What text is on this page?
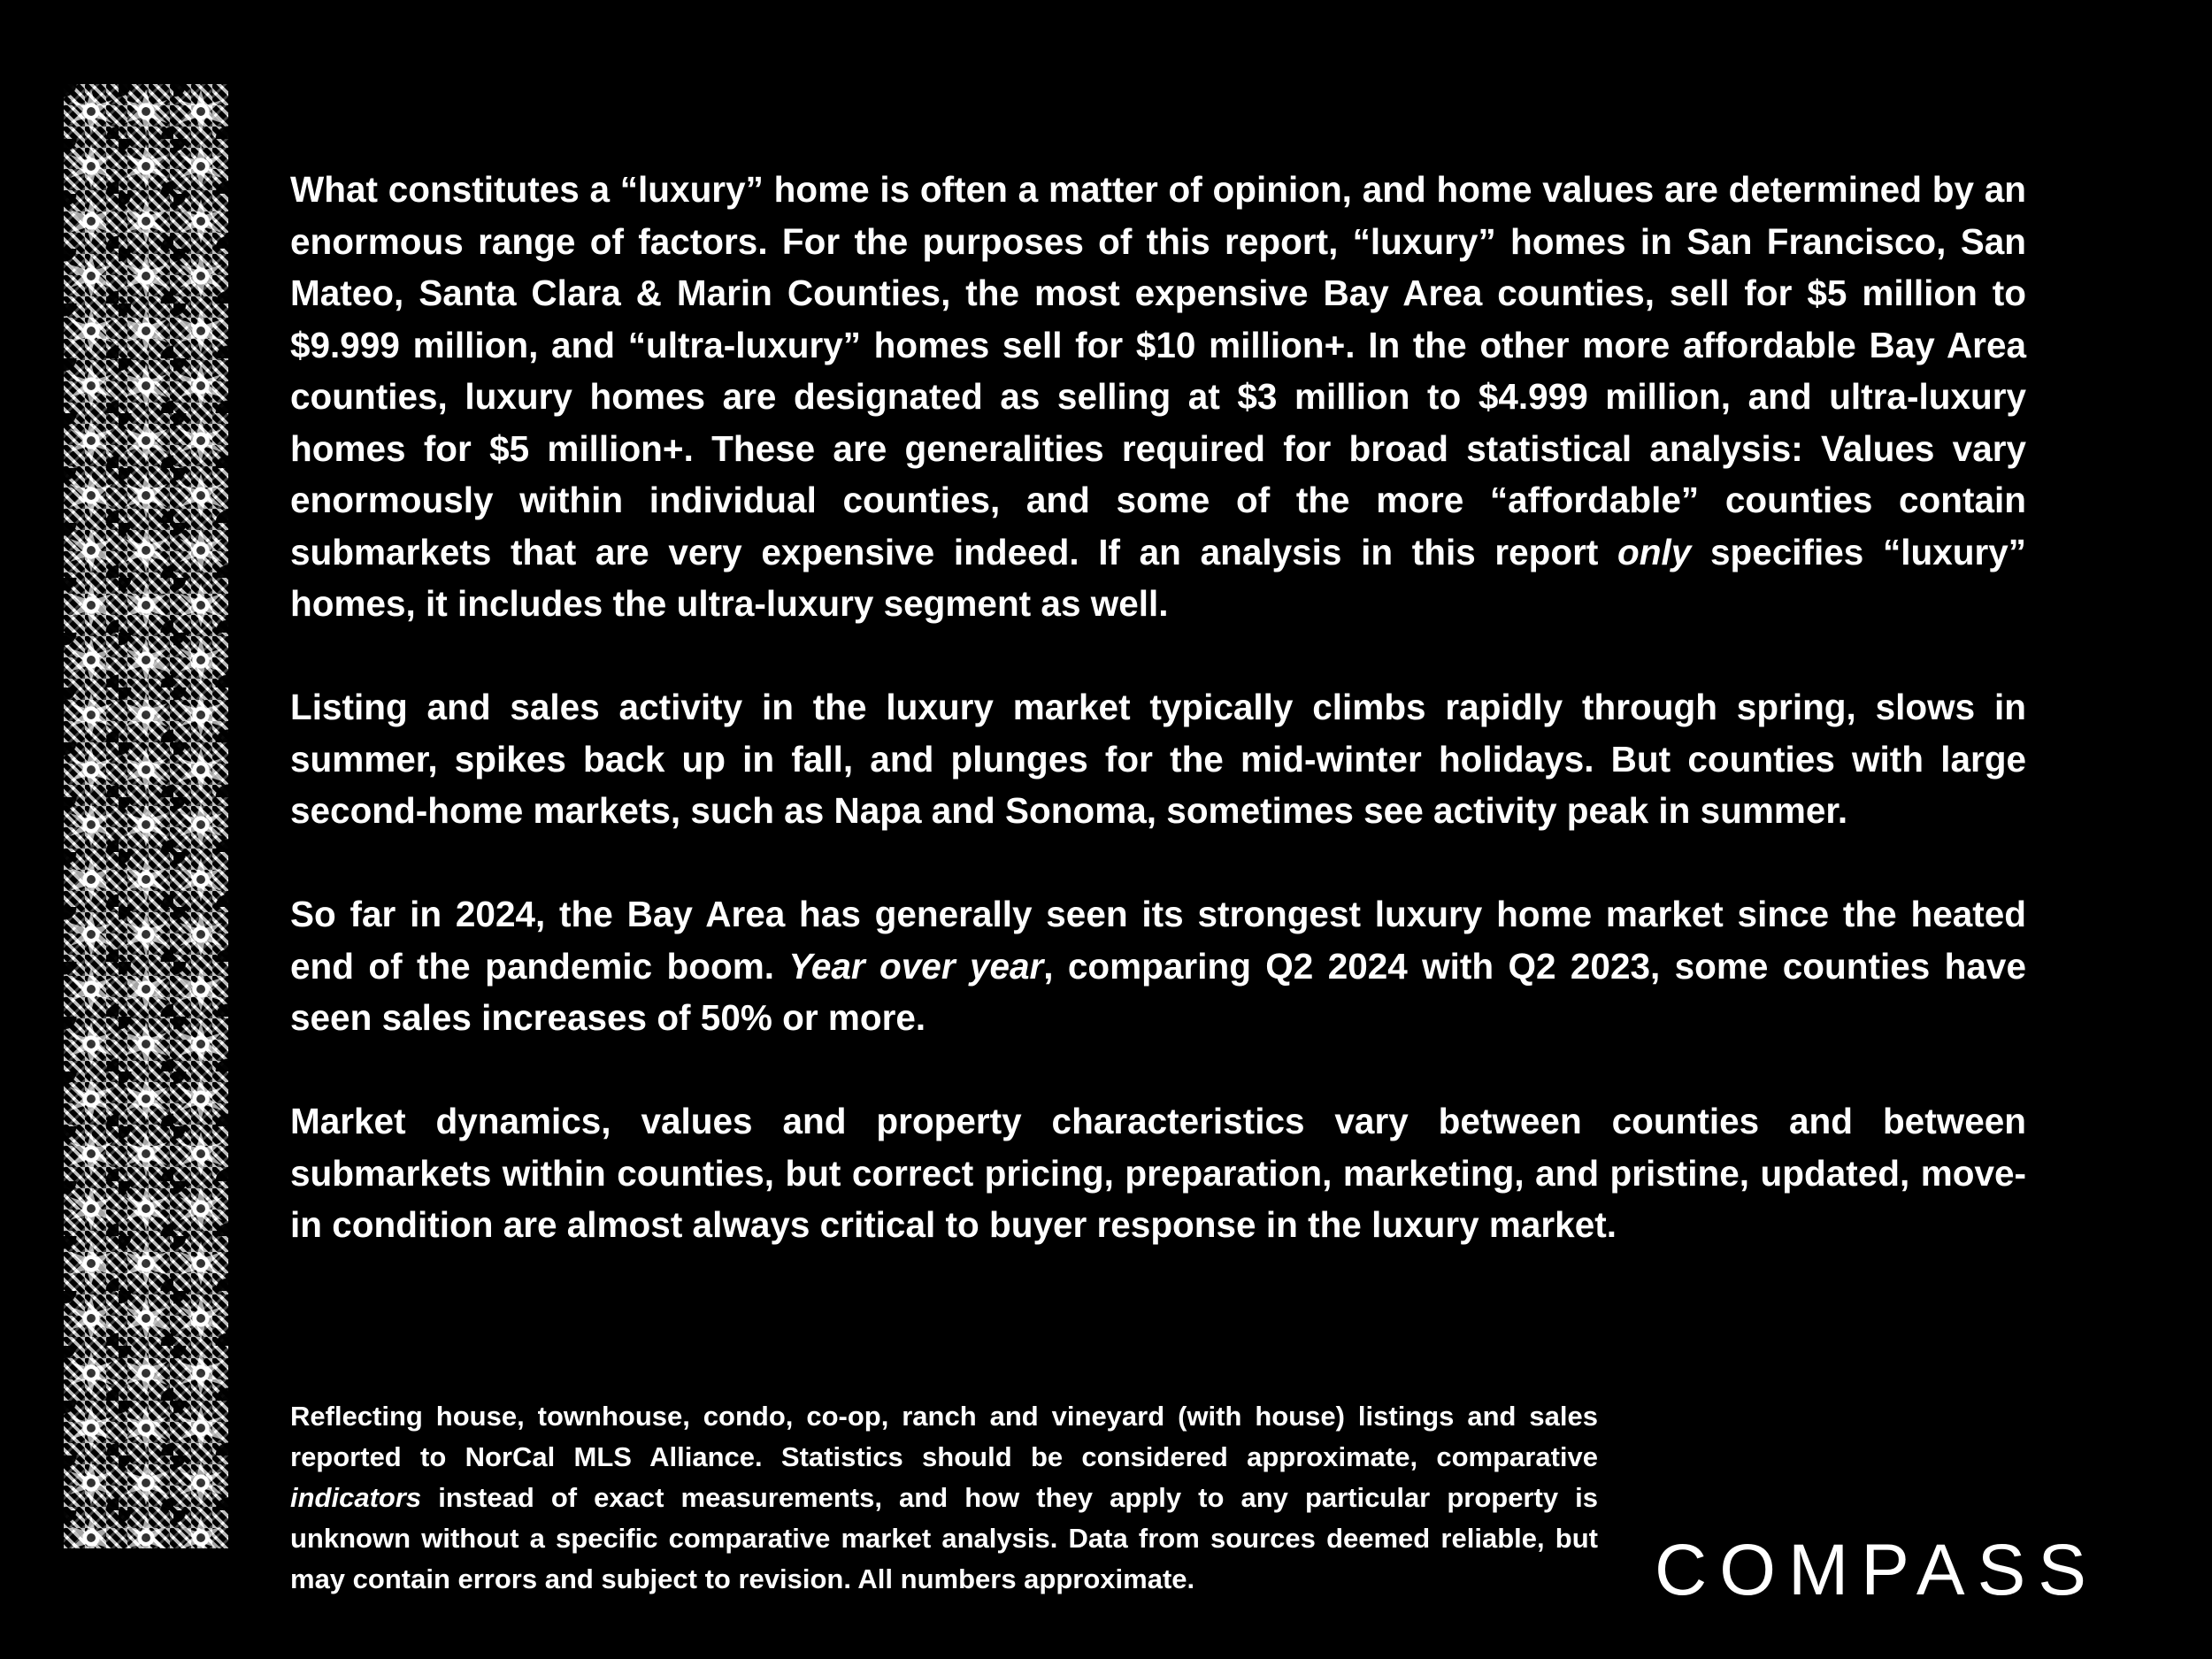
What constitutes a “luxury” home is often a matter of opinion, and home values are determined by an enormous range of factors. For the purposes of this report, “luxury” homes in San Francisco, San Mateo, Santa Clara & Marin Counties, the most expensive Bay Area counties, sell for $5 million to $9.999 million, and “ultra-luxury” homes sell for $10 million+. In the other more affordable Bay Area counties, luxury homes are designated as selling at $3 million to $4.999 million, and ultra-luxury homes for $5 million+. These are generalities required for broad statistical analysis: Values vary enormously within individual counties, and some of the more “affordable” counties contain submarkets that are very expensive indeed. If an analysis in this report only specifies “luxury” homes, it includes the ultra-luxury segment as well.

Listing and sales activity in the luxury market typically climbs rapidly through spring, slows in summer, spikes back up in fall, and plunges for the mid-winter holidays. But counties with large second-home markets, such as Napa and Sonoma, sometimes see activity peak in summer.

So far in 2024, the Bay Area has generally seen its strongest luxury home market since the heated end of the pandemic boom. Year over year, comparing Q2 2024 with Q2 2023, some counties have seen sales increases of 50% or more.

Market dynamics, values and property characteristics vary between counties and between submarkets within counties, but correct pricing, preparation, marketing, and pristine, updated, move-in condition are almost always critical to buyer response in the luxury market.

Reflecting house, townhouse, condo, co-op, ranch and vineyard (with house) listings and sales reported to NorCal MLS Alliance. Statistics should be considered approximate, comparative indicators instead of exact measurements, and how they apply to any particular property is unknown without a specific comparative market analysis. Data from sources deemed reliable, but may contain errors and subject to revision. All numbers approximate.	COMPASS
